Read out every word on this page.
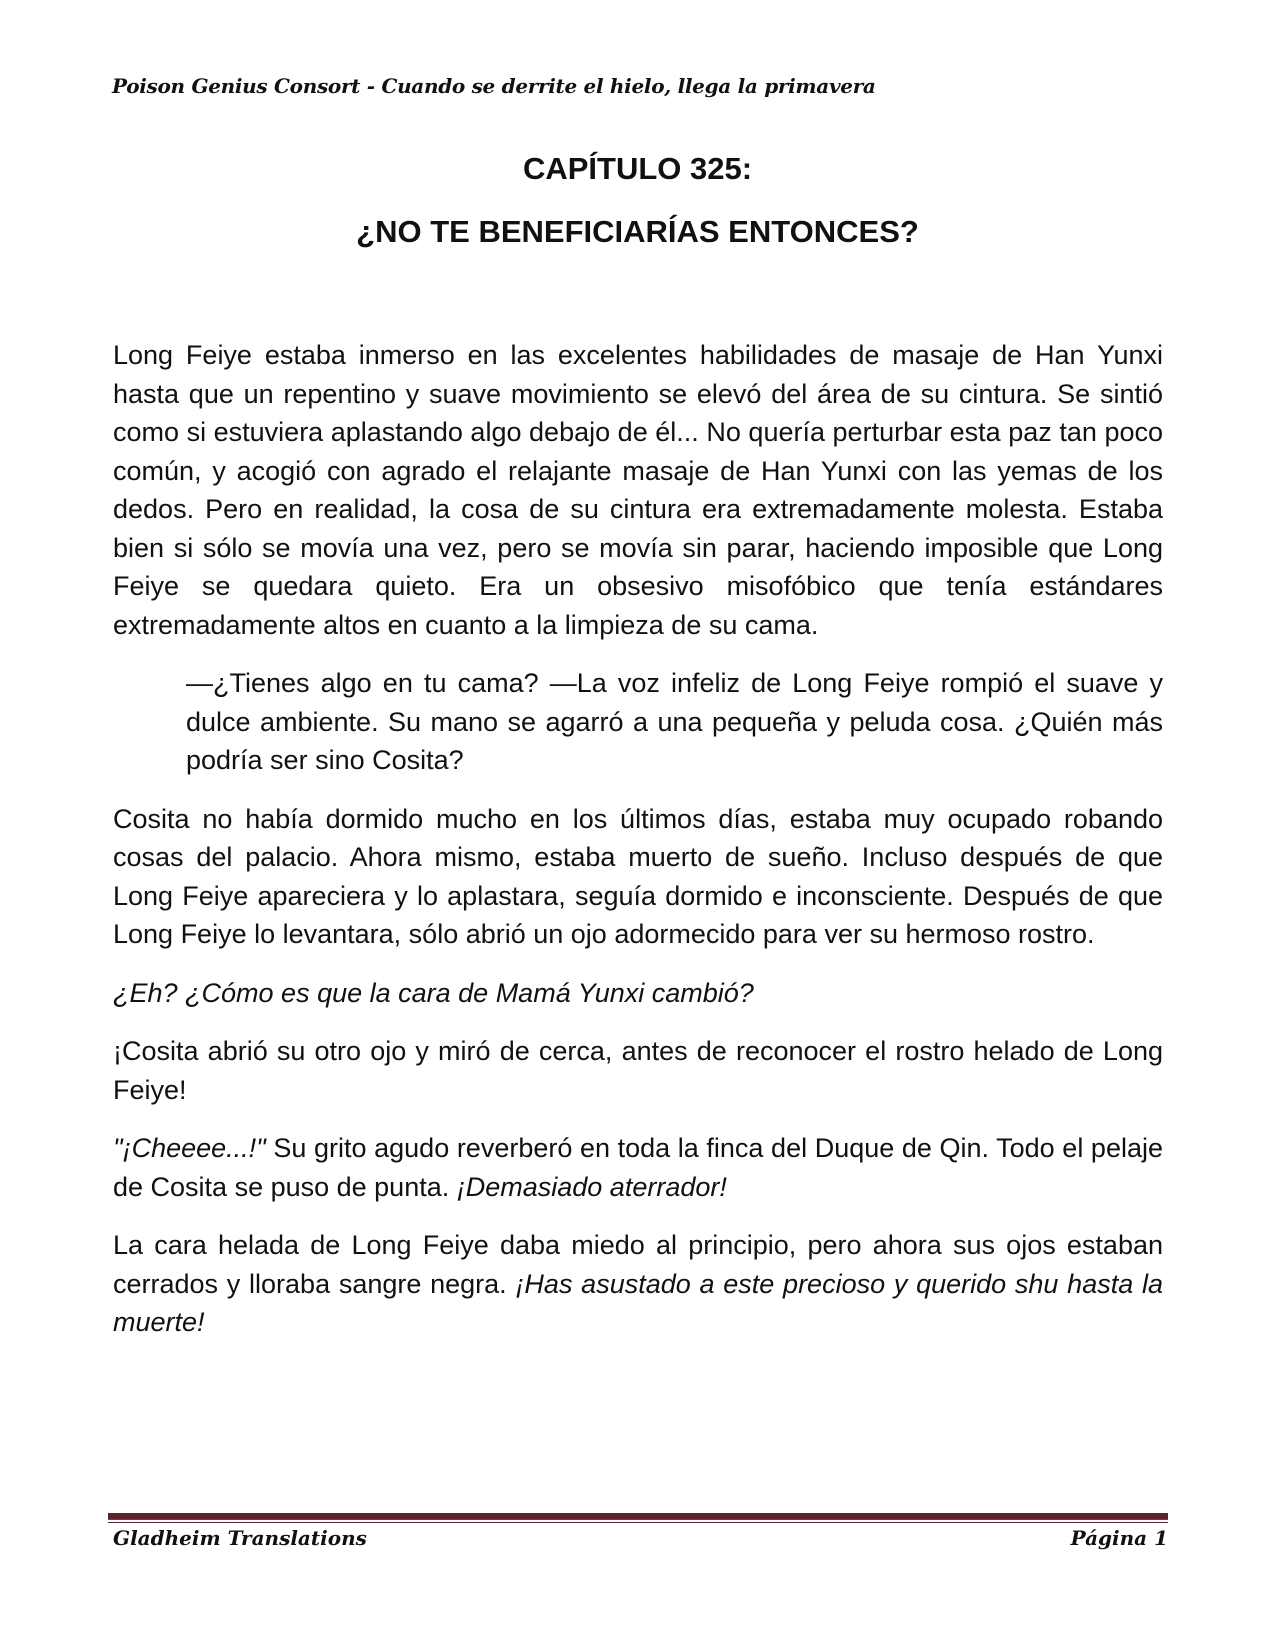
Poison Genius Consort - Cuando se derrite el hielo, llega la primavera
CAPÍTULO 325:
¿NO TE BENEFICIARÍAS ENTONCES?

Long Feiye estaba inmerso en las excelentes habilidades de masaje de Han Yunxi hasta que un repentino y suave movimiento se elevó del área de su cintura. Se sintió como si estuviera aplastando algo debajo de él... No quería perturbar esta paz tan poco común, y acogió con agrado el relajante masaje de Han Yunxi con las yemas de los dedos. Pero en realidad, la cosa de su cintura era extremadamente molesta. Estaba bien si sólo se movía una vez, pero se movía sin parar, haciendo imposible que Long Feiye se quedara quieto. Era un obsesivo misofóbico que tenía estándares extremadamente altos en cuanto a la limpieza de su cama.

—¿Tienes algo en tu cama? —La voz infeliz de Long Feiye rompió el suave y dulce ambiente. Su mano se agarró a una pequeña y peluda cosa. ¿Quién más podría ser sino Cosita?

Cosita no había dormido mucho en los últimos días, estaba muy ocupado robando cosas del palacio. Ahora mismo, estaba muerto de sueño. Incluso después de que Long Feiye apareciera y lo aplastara, seguía dormido e inconsciente. Después de que Long Feiye lo levantara, sólo abrió un ojo adormecido para ver su hermoso rostro.

¿Eh? ¿Cómo es que la cara de Mamá Yunxi cambió?

¡Cosita abrió su otro ojo y miró de cerca, antes de reconocer el rostro helado de Long Feiye!

"¡Cheeee...!" Su grito agudo reverberó en toda la finca del Duque de Qin. Todo el pelaje de Cosita se puso de punta. ¡Demasiado aterrador!

La cara helada de Long Feiye daba miedo al principio, pero ahora sus ojos estaban cerrados y lloraba sangre negra. ¡Has asustado a este precioso y querido shu hasta la muerte!

Gladheim Translations	Página 1
